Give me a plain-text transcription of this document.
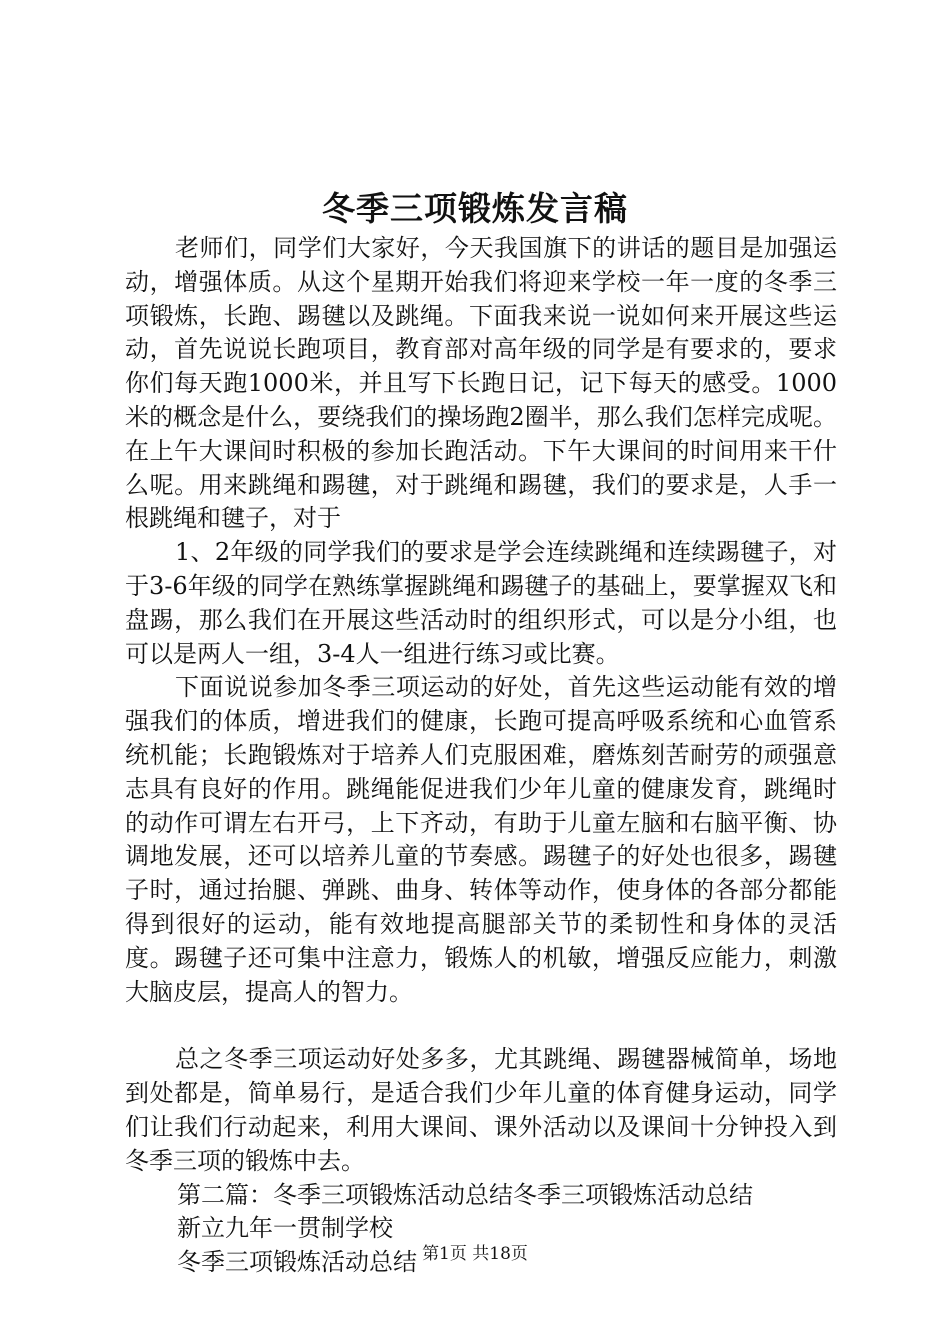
冬季三项锻炼发言稿

老师们，同学们大家好，今天我国旗下的讲话的题目是加强运动，增强体质。从这个星期开始我们将迎来学校一年一度的冬季三项锻炼，长跑、踢毽以及跳绳。下面我来说一说如何来开展这些运动，首先说说长跑项目，教育部对高年级的同学是有要求的，要求你们每天跑1000米，并且写下长跑日记，记下每天的感受。1000米的概念是什么，要绕我们的操场跑2圈半，那么我们怎样完成呢。在上午大课间时积极的参加长跑活动。下午大课间的时间用来干什么呢。用来跳绳和踢毽，对于跳绳和踢毽，我们的要求是，人手一根跳绳和毽子，对于

1、2年级的同学我们的要求是学会连续跳绳和连续踢毽子，对于3-6年级的同学在熟练掌握跳绳和踢毽子的基础上，要掌握双飞和盘踢，那么我们在开展这些活动时的组织形式，可以是分小组，也可以是两人一组，3-4人一组进行练习或比赛。

下面说说参加冬季三项运动的好处，首先这些运动能有效的增强我们的体质，增进我们的健康，长跑可提高呼吸系统和心血管系统机能；长跑锻炼对于培养人们克服困难，磨炼刻苦耐劳的顽强意志具有良好的作用。跳绳能促进我们少年儿童的健康发育，跳绳时的动作可谓左右开弓，上下齐动，有助于儿童左脑和右脑平衡、协调地发展，还可以培养儿童的节奏感。踢毽子的好处也很多，踢毽子时，通过抬腿、弹跳、曲身、转体等动作，使身体的各部分都能得到很好的运动，能有效地提高腿部关节的柔韧性和身体的灵活度。踢毽子还可集中注意力，锻炼人的机敏，增强反应能力，刺激大脑皮层，提高人的智力。

总之冬季三项运动好处多多，尤其跳绳、踢毽器械简单，场地到处都是，简单易行，是适合我们少年儿童的体育健身运动，同学们让我们行动起来，利用大课间、课外活动以及课间十分钟投入到冬季三项的锻炼中去。

第二篇：冬季三项锻炼活动总结冬季三项锻炼活动总结

新立九年一贯制学校

冬季三项锻炼活动总结 第1页 共18页
